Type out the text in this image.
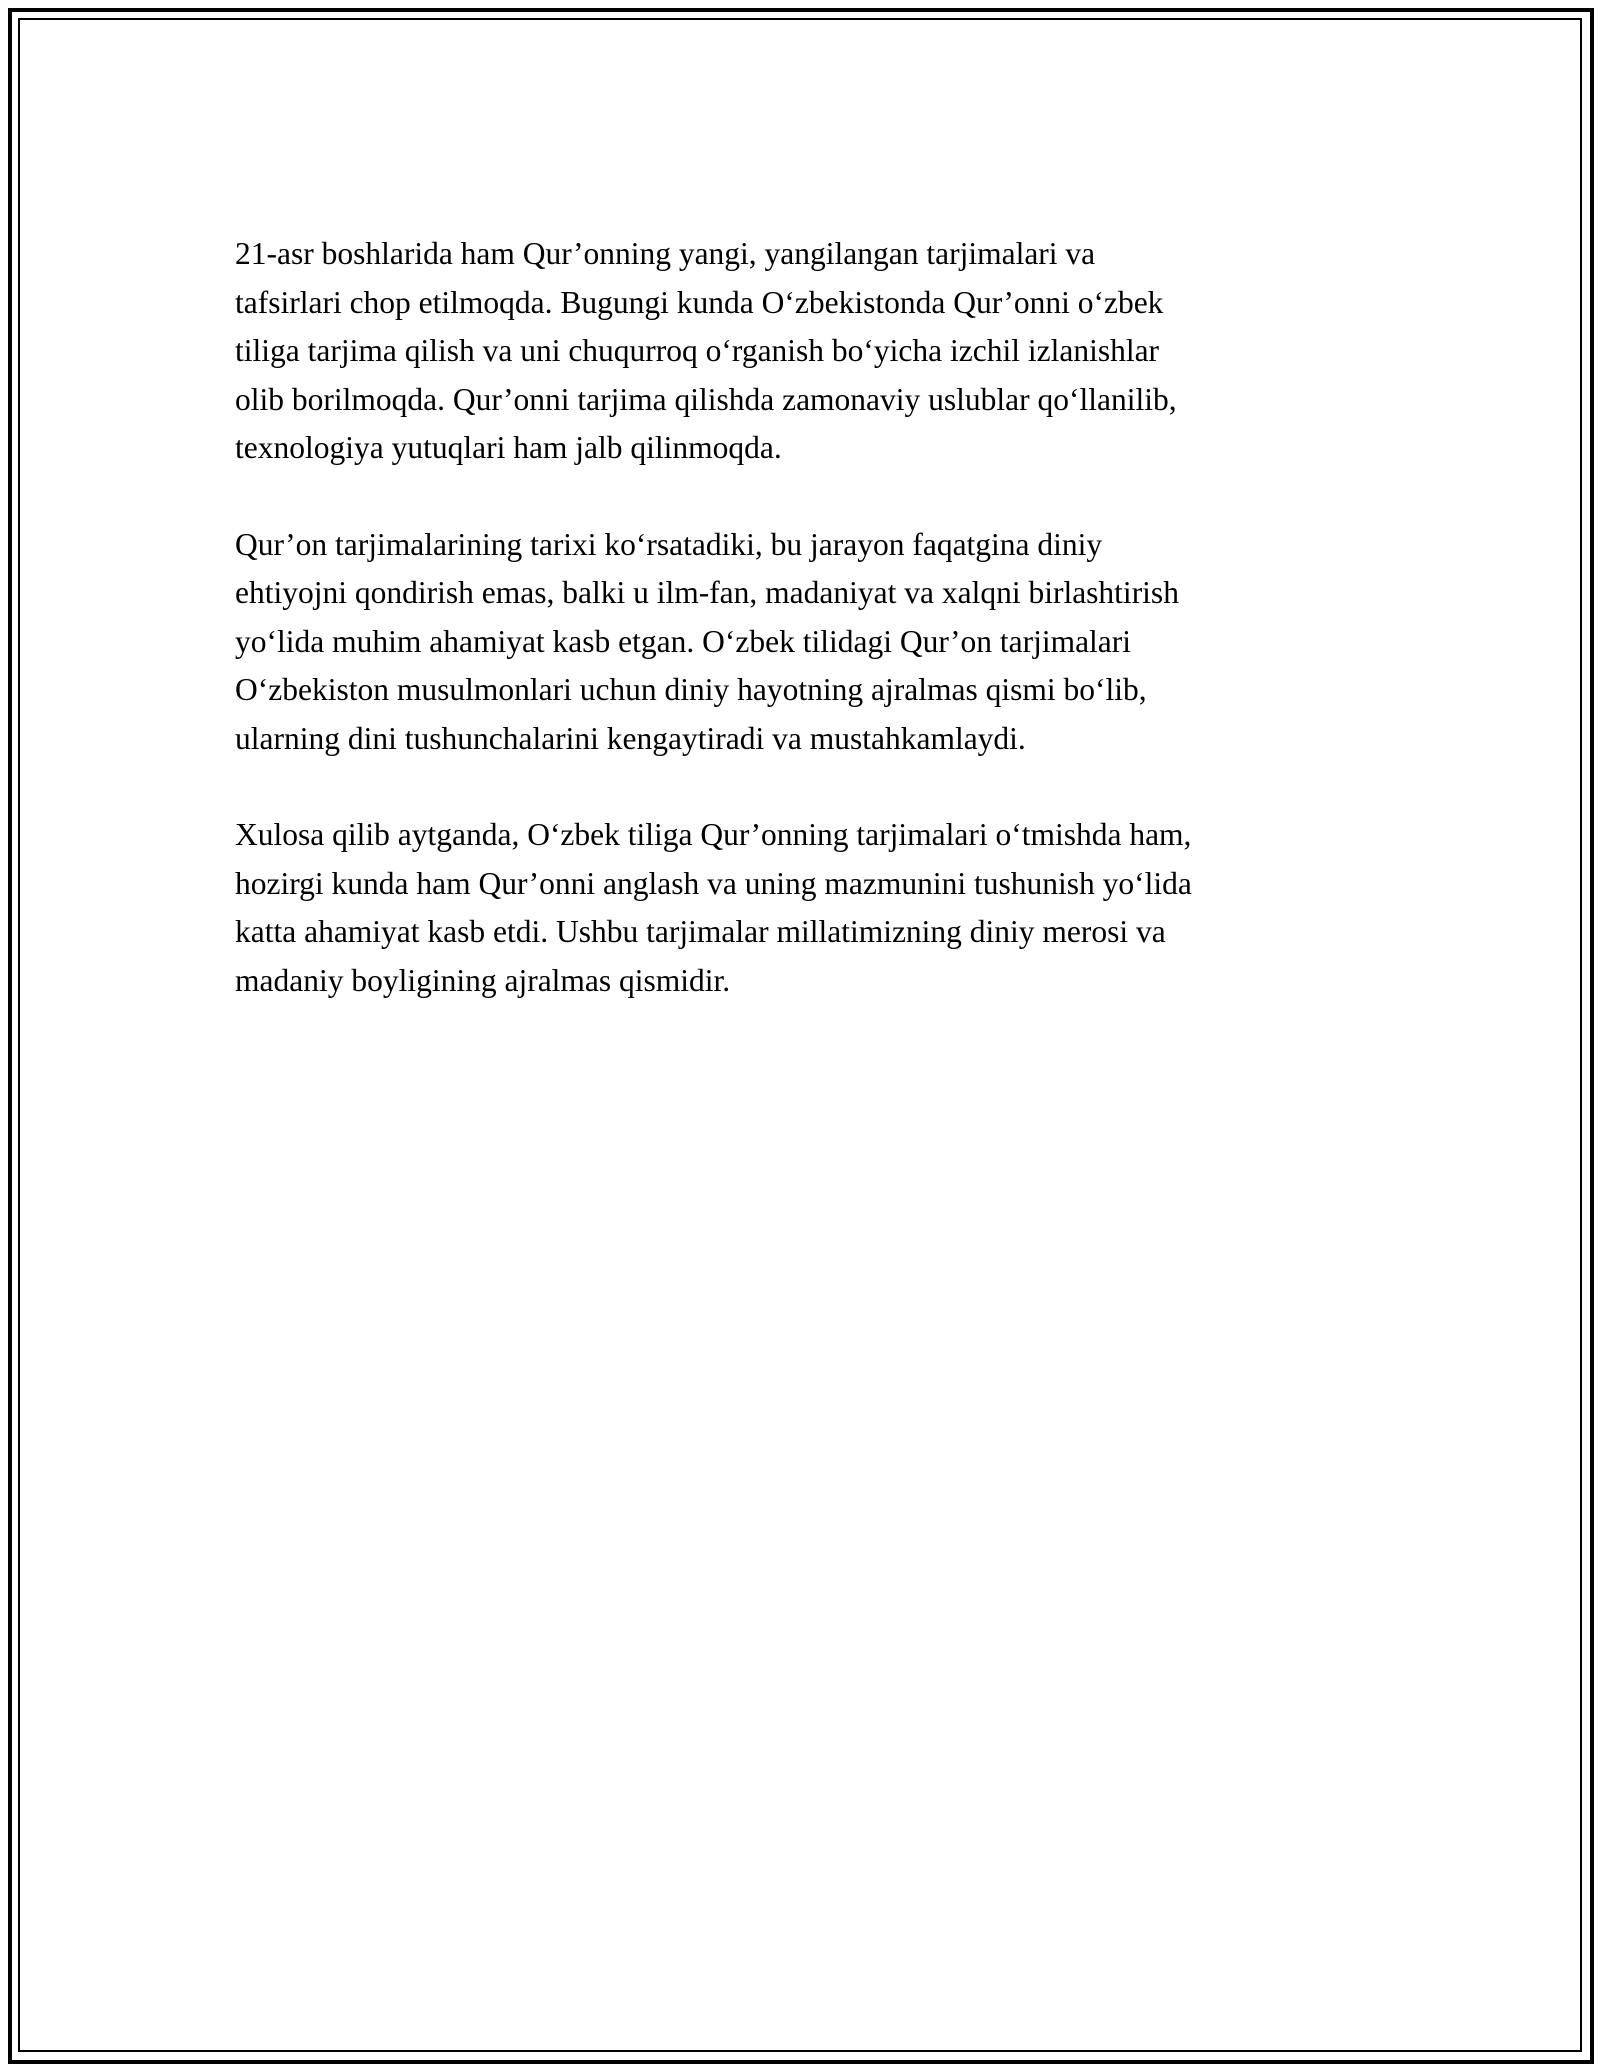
21-asr boshlarida ham Qur’onning yangi, yangilangan tarjimalari va
tafsirlari chop etilmoqda. Bugungi kunda O‘zbekistonda Qur’onni o‘zbek
tiliga tarjima qilish va uni chuqurroq o‘rganish bo‘yicha izchil izlanishlar
olib borilmoqda. Qur’onni tarjima qilishda zamonaviy uslublar qo‘llanilib,
texnologiya yutuqlari ham jalb qilinmoqda.
Qur’on tarjimalarining tarixi ko‘rsatadiki, bu jarayon faqatgina diniy
ehtiyojni qondirish emas, balki u ilm-fan, madaniyat va xalqni birlashtirish
yo‘lida muhim ahamiyat kasb etgan. O‘zbek tilidagi Qur’on tarjimalari
O‘zbekiston musulmonlari uchun diniy hayotning ajralmas qismi bo‘lib,
ularning dini tushunchalarini kengaytiradi va mustahkamlaydi.
Xulosa qilib aytganda, O‘zbek tiliga Qur’onning tarjimalari o‘tmishda ham,
hozirgi kunda ham Qur’onni anglash va uning mazmunini tushunish yo‘lida
katta ahamiyat kasb etdi. Ushbu tarjimalar millatimizning diniy merosi va
madaniy boyligining ajralmas qismidir.
